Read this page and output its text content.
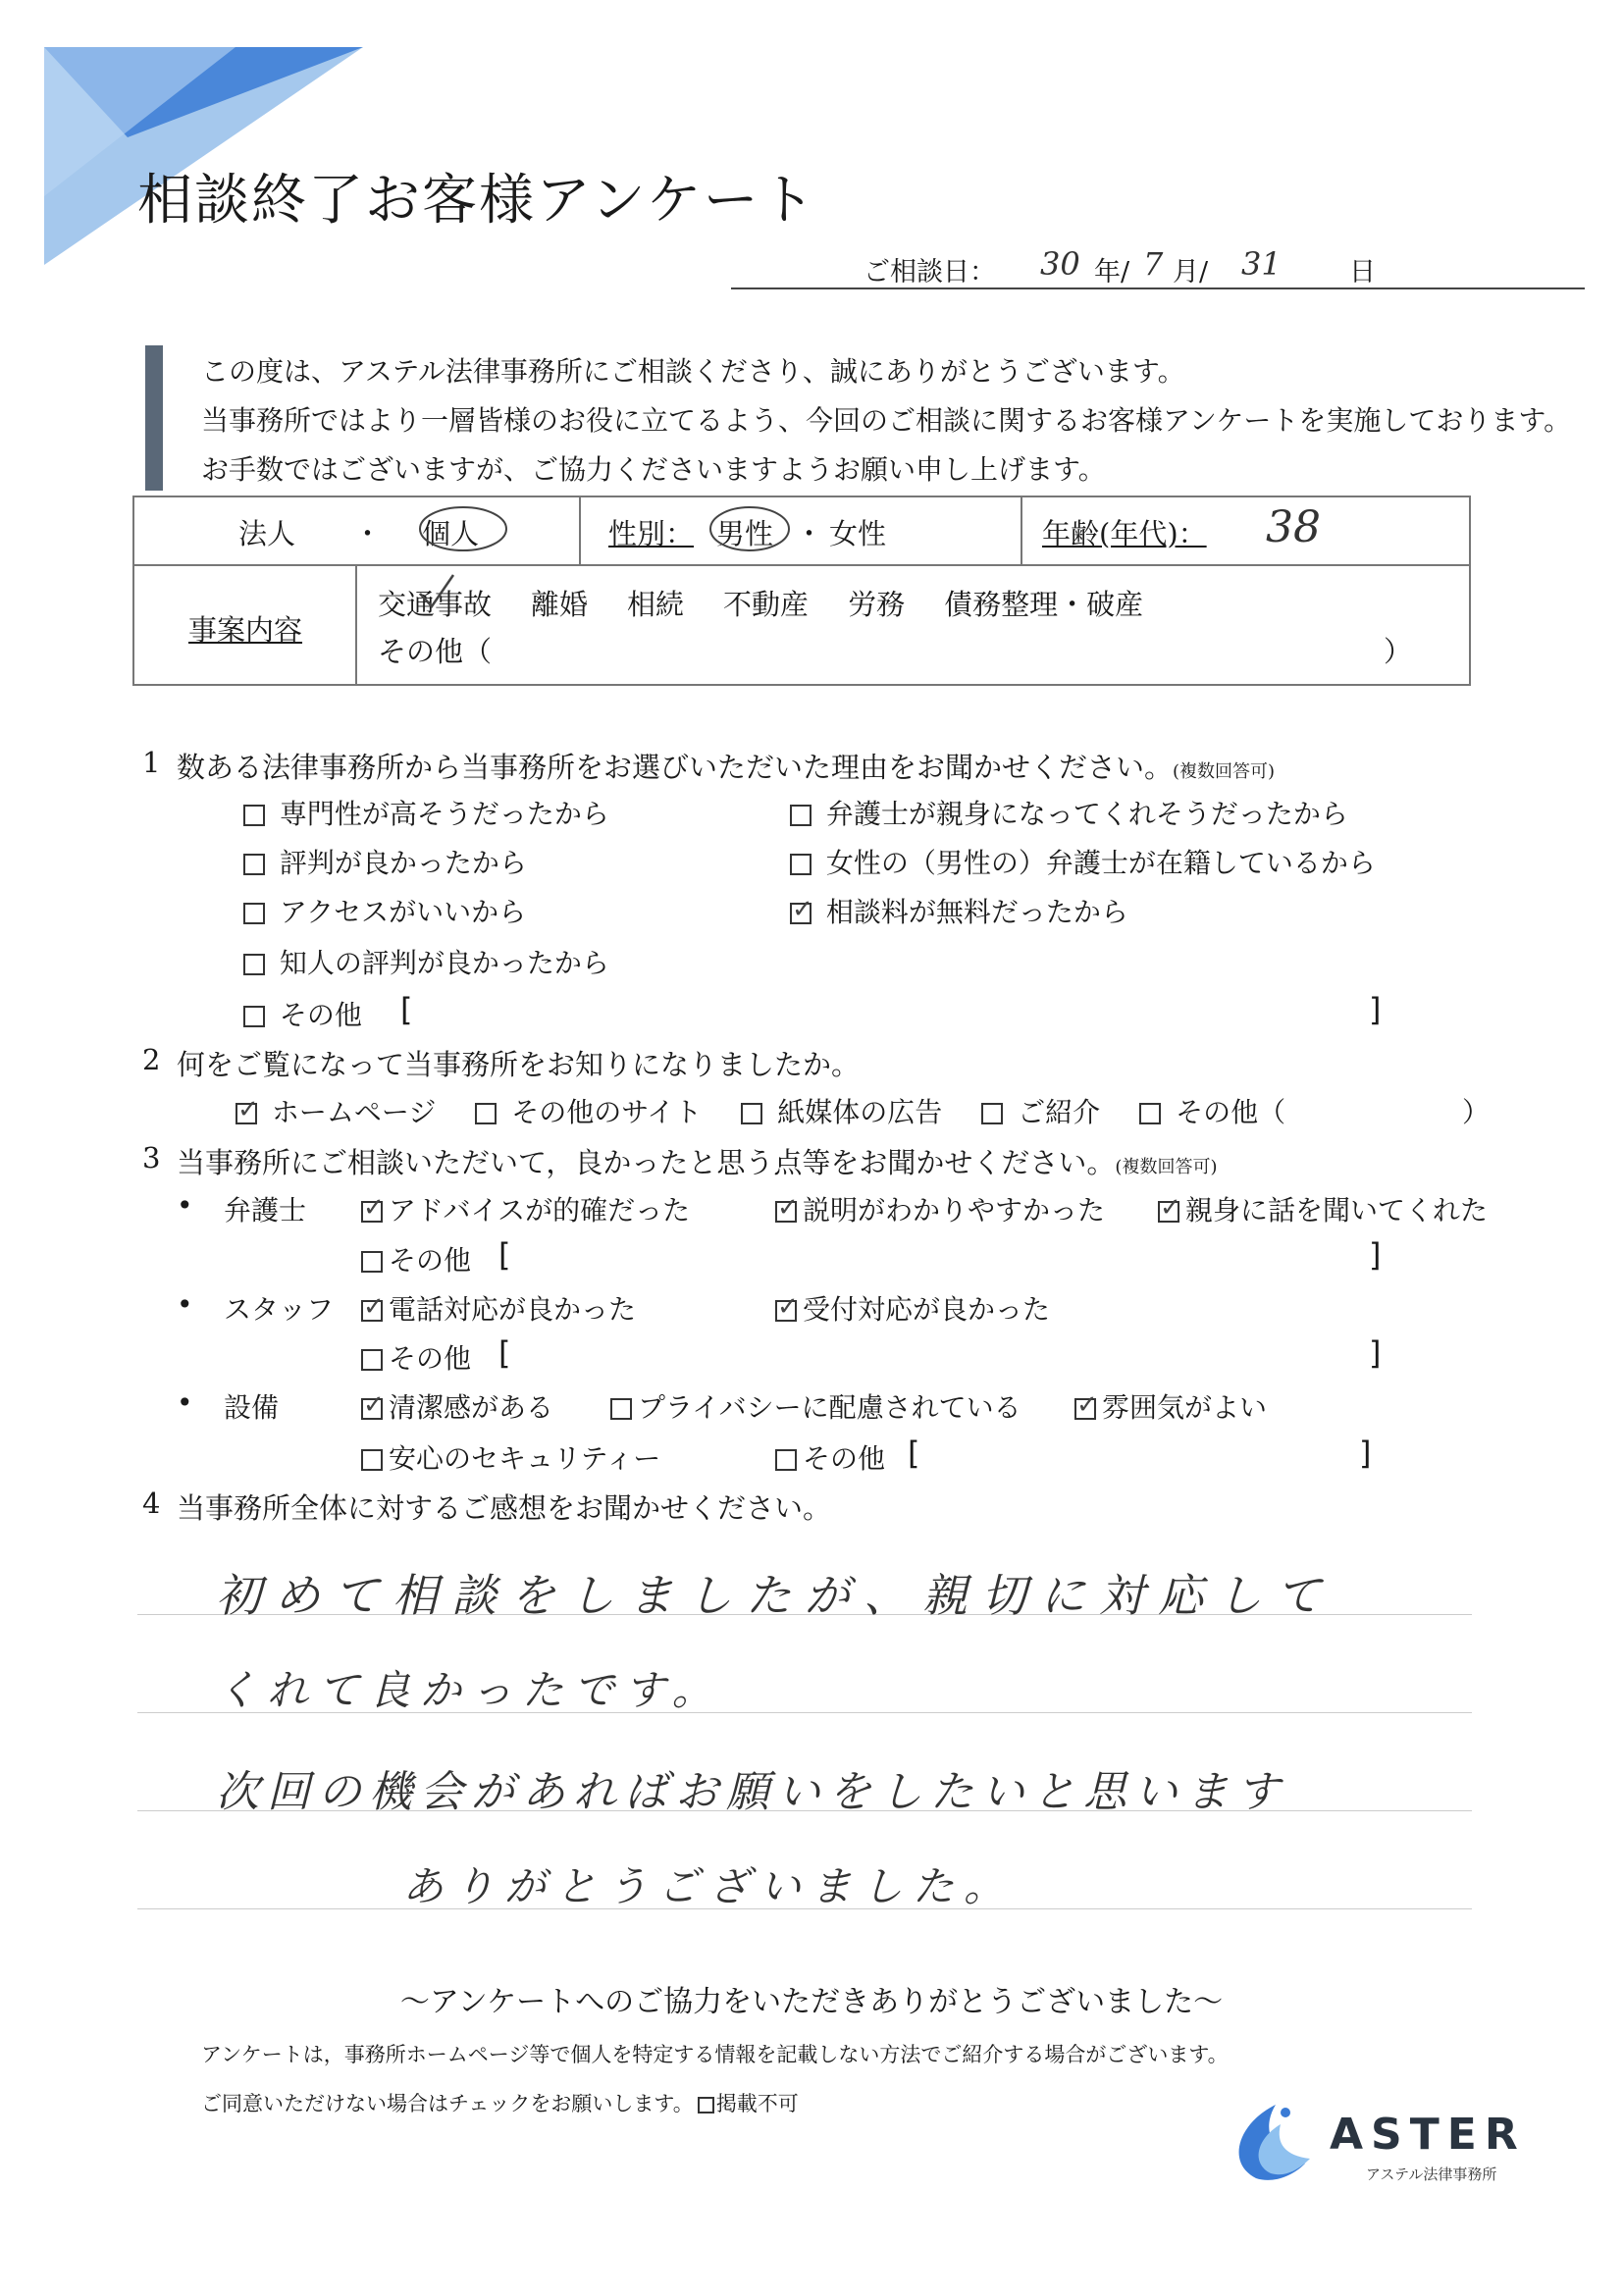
相談終了お客様アンケート
ご相談日： 30 年/ 7 月/ 31	日
この度は、アステル法律事務所にご相談くださり、誠にありがとうございます。
当事務所ではより一層皆様のお役に立てるよう、今回のご相談に関するお客様アンケートを実施しております。
お手数ではございますが、ご協力くださいますようお願い申し上げます。
法人 ・ 個人	性別： 男性 ・ 女性	年齢(年代)： 38
事案内容
交通事故 離婚 相続 不動産 労務 債務整理・破産
その他（	）
1 数ある法律事務所から当事務所をお選びいただいた理由をお聞かせください。(複数回答可)
専門性が高そうだったから
評判が良かったから
アクセスがいいから
知人の評判が良かったから
その他 [	]
弁護士が親身になってくれそうだったから
女性の（男性の）弁護士が在籍しているから
✓ 相談料が無料だったから
2 何をご覧になって当事務所をお知りになりましたか。
✓ ホームページ	その他のサイト	紙媒体の広告	ご紹介	その他（	）
3 当事務所にご相談いただいて，良かったと思う点等をお聞かせください。(複数回答可)
• 弁護士 ✓	アドバイスが的確だった ✓	説明がわかりやすかった ✓	親身に話を聞いてくれた
その他 [	]
• スタッフ ✓	電話対応が良かった ✓	受付対応が良かった
その他 [	]
• 設備 ✓	清潔感がある	プライバシーに配慮されている ✓	雰囲気がよい
安心のセキュリティー	その他 [	]
4 当事務所全体に対するご感想をお聞かせください。
初めて相談をしましたが、親切に対応して
くれて良かったです。
次回の機会があればお願いをしたいと思います
ありがとうございました。
～アンケートへのご協力をいただきありがとうございました～
アンケートは，事務所ホームページ等で個人を特定する情報を記載しない方法でご紹介する場合がございます。
ご同意いただけない場合はチェックをお願いします。 掲載不可
ASTER
アステル法律事務所
